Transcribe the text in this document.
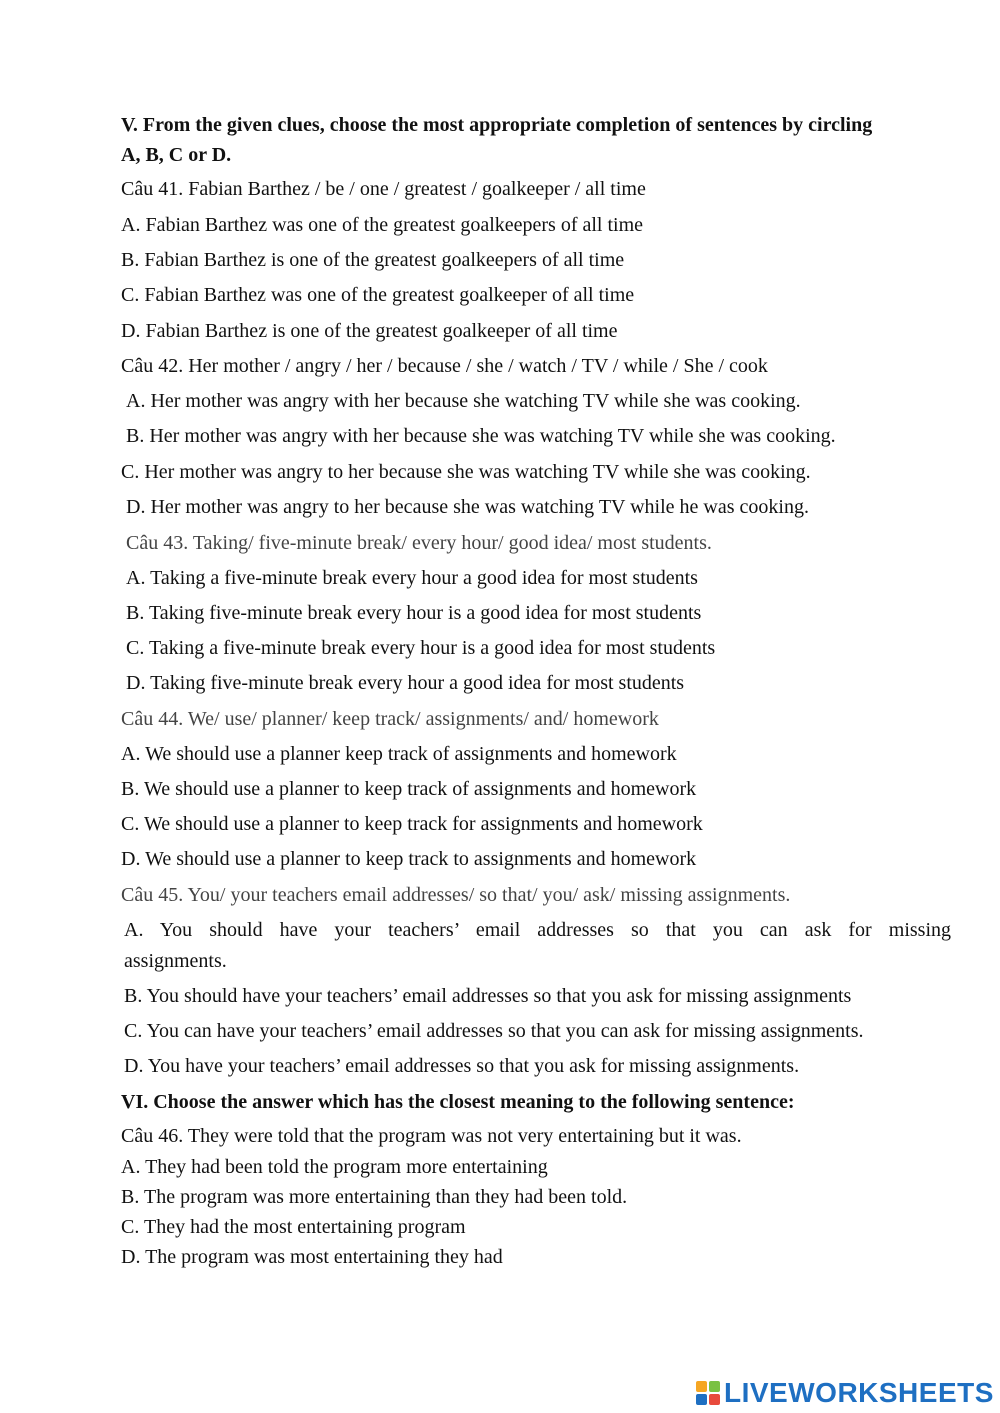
V. From the given clues, choose the most appropriate completion of sentences by circling
A, B, C or D.
Câu 41. Fabian Barthez / be / one / greatest / goalkeeper / all time
A. Fabian Barthez was one of the greatest goalkeepers of all time
B. Fabian Barthez is one of the greatest goalkeepers of all time
C. Fabian Barthez was one of the greatest goalkeeper of all time
D. Fabian Barthez is one of the greatest goalkeeper of all time
Câu 42. Her mother / angry / her / because / she / watch / TV / while / She / cook
A. Her mother was angry with her because she watching TV while she was cooking.
B. Her mother was angry with her because she was watching TV while she was cooking.
C. Her mother was angry to her because she was watching TV while she was cooking.
D. Her mother was angry to her because she was watching TV while he was cooking.
Câu 43. Taking/ five-minute break/ every hour/ good idea/ most students.
A. Taking a five-minute break every hour a good idea for most students
B. Taking five-minute break every hour is a good idea for most students
C. Taking a five-minute break every hour is a good idea for most students
D. Taking five-minute break every hour a good idea for most students
Câu 44. We/ use/ planner/ keep track/ assignments/ and/ homework
A. We should use a planner keep track of assignments and homework
B. We should use a planner to keep track of assignments and homework
C. We should use a planner to keep track for assignments and homework
D. We should use a planner to keep track to assignments and homework
Câu 45. You/ your teachers email addresses/ so that/ you/ ask/ missing assignments.
A. You should have your teachers’ email addresses so that you can ask for missing
assignments.
B. You should have your teachers’ email addresses so that you ask for missing assignments
C. You can have your teachers’ email addresses so that you can ask for missing assignments.
D. You have your teachers’ email addresses so that you ask for missing assignments.
VI. Choose the answer which has the closest meaning to the following sentence:
Câu 46. They were told that the program was not very entertaining but it was.
A. They had been told the program more entertaining
B. The program was more entertaining than they had been told.
C. They had the most entertaining program
D. The program was most entertaining they had
LIVEWORKSHEETS
